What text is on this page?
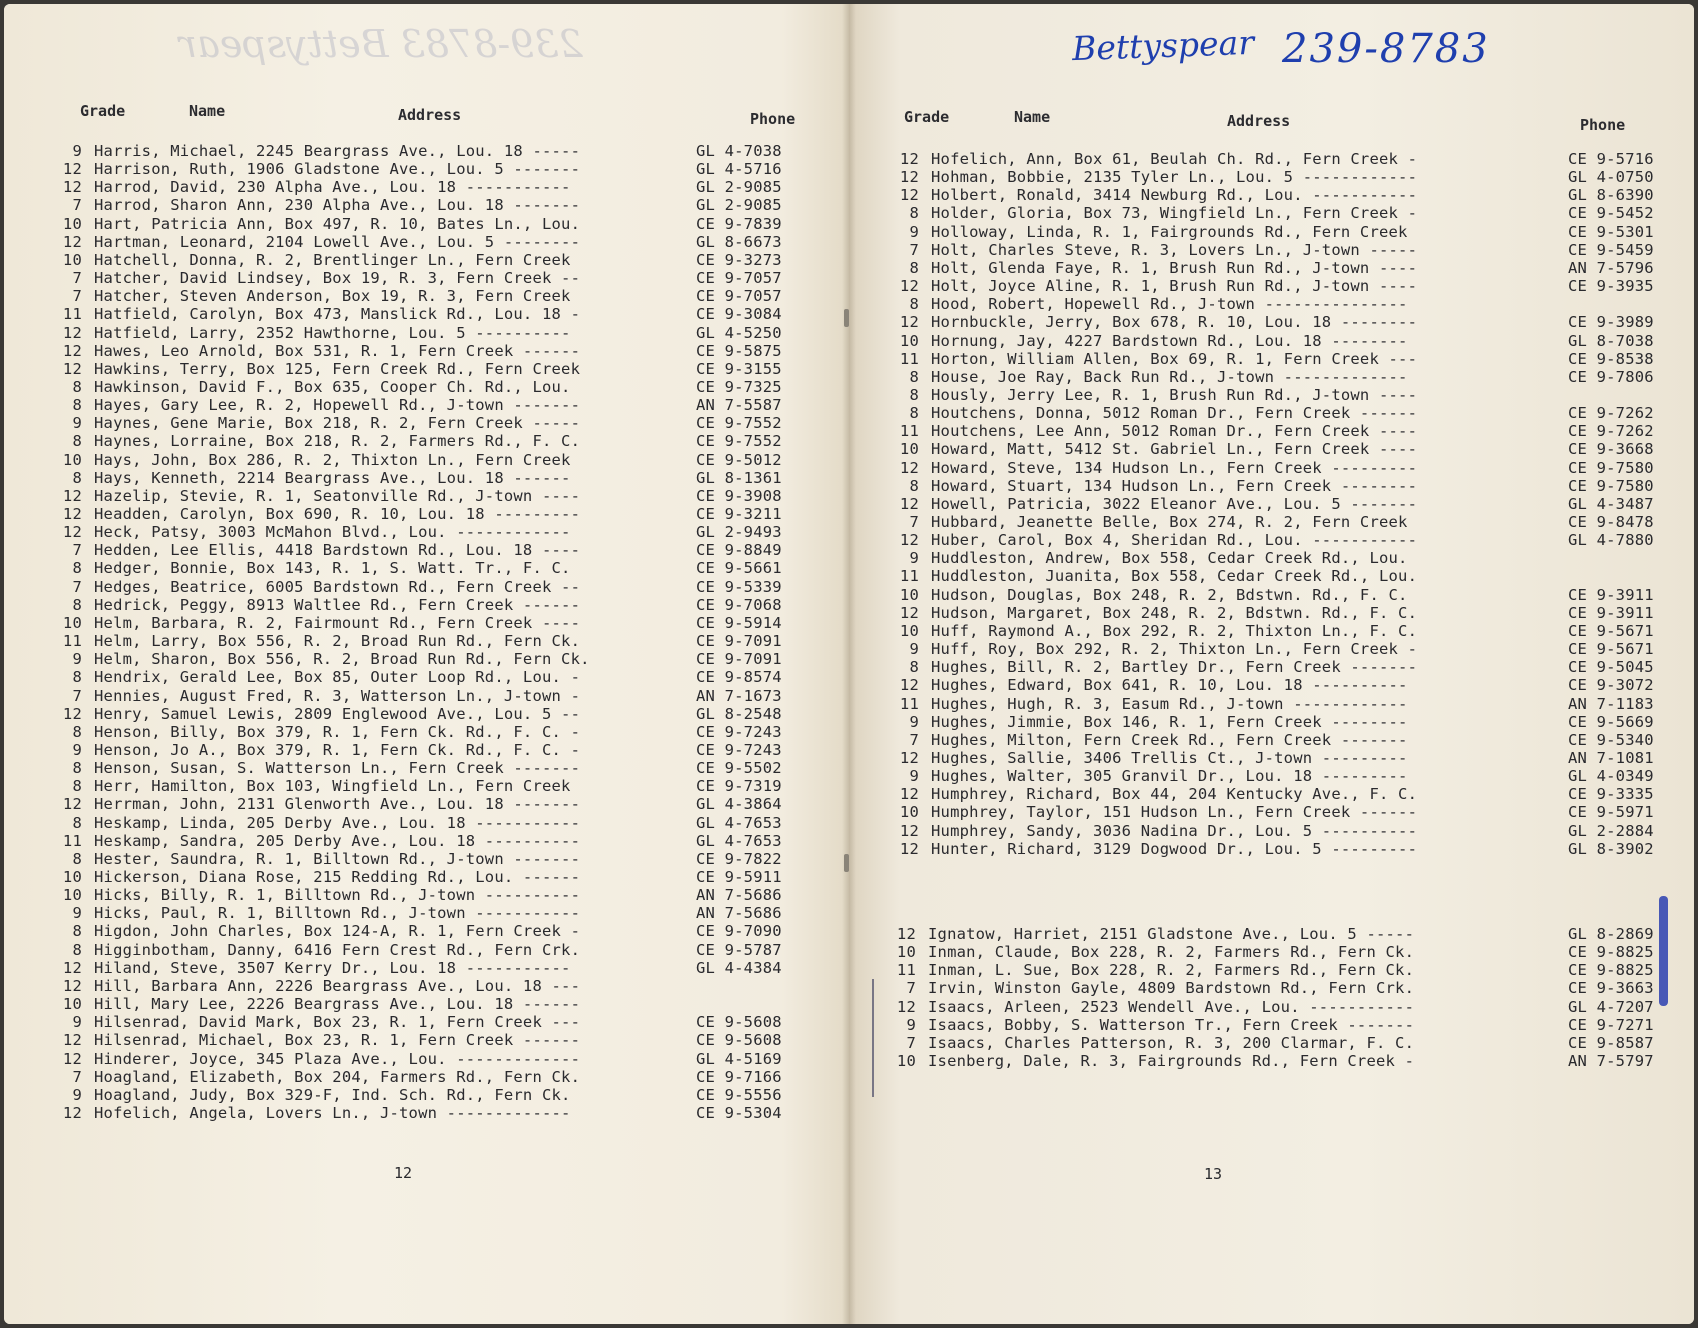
239-8783 Bettyspear
Grade	Name	Address	Phone
9 Harris, Michael, 2245 Beargrass Ave., Lou. 18 -----	GL 4-7038
12 Harrison, Ruth, 1906 Gladstone Ave., Lou. 5 -------	GL 4-5716
12 Harrod, David, 230 Alpha Ave., Lou. 18 -----------	GL 2-9085
7 Harrod, Sharon Ann, 230 Alpha Ave., Lou. 18 -------	GL 2-9085
10 Hart, Patricia Ann, Box 497, R. 10, Bates Ln., Lou.	CE 9-7839
12 Hartman, Leonard, 2104 Lowell Ave., Lou. 5 --------	GL 8-6673
10 Hatchell, Donna, R. 2, Brentlinger Ln., Fern Creek	CE 9-3273
7 Hatcher, David Lindsey, Box 19, R. 3, Fern Creek --	CE 9-7057
7 Hatcher, Steven Anderson, Box 19, R. 3, Fern Creek	CE 9-7057
11 Hatfield, Carolyn, Box 473, Manslick Rd., Lou. 18 -	CE 9-3084
12 Hatfield, Larry, 2352 Hawthorne, Lou. 5 ----------	GL 4-5250
12 Hawes, Leo Arnold, Box 531, R. 1, Fern Creek ------	CE 9-5875
12 Hawkins, Terry, Box 125, Fern Creek Rd., Fern Creek	CE 9-3155
8 Hawkinson, David F., Box 635, Cooper Ch. Rd., Lou.	CE 9-7325
8 Hayes, Gary Lee, R. 2, Hopewell Rd., J-town -------	AN 7-5587
9 Haynes, Gene Marie, Box 218, R. 2, Fern Creek -----	CE 9-7552
8 Haynes, Lorraine, Box 218, R. 2, Farmers Rd., F. C.	CE 9-7552
10 Hays, John, Box 286, R. 2, Thixton Ln., Fern Creek	CE 9-5012
8 Hays, Kenneth, 2214 Beargrass Ave., Lou. 18 ------	GL 8-1361
12 Hazelip, Stevie, R. 1, Seatonville Rd., J-town ----	CE 9-3908
12 Headden, Carolyn, Box 690, R. 10, Lou. 18 ---------	CE 9-3211
12 Heck, Patsy, 3003 McMahon Blvd., Lou. ------------	GL 2-9493
7 Hedden, Lee Ellis, 4418 Bardstown Rd., Lou. 18 ----	CE 9-8849
8 Hedger, Bonnie, Box 143, R. 1, S. Watt. Tr., F. C.	CE 9-5661
7 Hedges, Beatrice, 6005 Bardstown Rd., Fern Creek --	CE 9-5339
8 Hedrick, Peggy, 8913 Waltlee Rd., Fern Creek ------	CE 9-7068
10 Helm, Barbara, R. 2, Fairmount Rd., Fern Creek ----	CE 9-5914
11 Helm, Larry, Box 556, R. 2, Broad Run Rd., Fern Ck.	CE 9-7091
9 Helm, Sharon, Box 556, R. 2, Broad Run Rd., Fern Ck.	CE 9-7091
8 Hendrix, Gerald Lee, Box 85, Outer Loop Rd., Lou. -	CE 9-8574
7 Hennies, August Fred, R. 3, Watterson Ln., J-town -	AN 7-1673
12 Henry, Samuel Lewis, 2809 Englewood Ave., Lou. 5 --	GL 8-2548
8 Henson, Billy, Box 379, R. 1, Fern Ck. Rd., F. C. -	CE 9-7243
9 Henson, Jo A., Box 379, R. 1, Fern Ck. Rd., F. C. -	CE 9-7243
8 Henson, Susan, S. Watterson Ln., Fern Creek -------	CE 9-5502
8 Herr, Hamilton, Box 103, Wingfield Ln., Fern Creek	CE 9-7319
12 Herrman, John, 2131 Glenworth Ave., Lou. 18 -------	GL 4-3864
8 Heskamp, Linda, 205 Derby Ave., Lou. 18 -----------	GL 4-7653
11 Heskamp, Sandra, 205 Derby Ave., Lou. 18 ----------	GL 4-7653
8 Hester, Saundra, R. 1, Billtown Rd., J-town -------	CE 9-7822
10 Hickerson, Diana Rose, 215 Redding Rd., Lou. ------	CE 9-5911
10 Hicks, Billy, R. 1, Billtown Rd., J-town ----------	AN 7-5686
9 Hicks, Paul, R. 1, Billtown Rd., J-town -----------	AN 7-5686
8 Higdon, John Charles, Box 124-A, R. 1, Fern Creek -	CE 9-7090
8 Higginbotham, Danny, 6416 Fern Crest Rd., Fern Crk.	CE 9-5787
12 Hiland, Steve, 3507 Kerry Dr., Lou. 18 -----------	GL 4-4384
12 Hill, Barbara Ann, 2226 Beargrass Ave., Lou. 18 ---
10 Hill, Mary Lee, 2226 Beargrass Ave., Lou. 18 ------
9 Hilsenrad, David Mark, Box 23, R. 1, Fern Creek ---	CE 9-5608
12 Hilsenrad, Michael, Box 23, R. 1, Fern Creek ------	CE 9-5608
12 Hinderer, Joyce, 345 Plaza Ave., Lou. -------------	GL 4-5169
7 Hoagland, Elizabeth, Box 204, Farmers Rd., Fern Ck.	CE 9-7166
9 Hoagland, Judy, Box 329-F, Ind. Sch. Rd., Fern Ck.	CE 9-5556
12 Hofelich, Angela, Lovers Ln., J-town -------------	CE 9-5304
12
Bettyspear 239-8783
Grade	Name	Address	Phone
12 Hofelich, Ann, Box 61, Beulah Ch. Rd., Fern Creek -	CE 9-5716
12 Hohman, Bobbie, 2135 Tyler Ln., Lou. 5 ------------	GL 4-0750
12 Holbert, Ronald, 3414 Newburg Rd., Lou. -----------	GL 8-6390
8 Holder, Gloria, Box 73, Wingfield Ln., Fern Creek -	CE 9-5452
9 Holloway, Linda, R. 1, Fairgrounds Rd., Fern Creek	CE 9-5301
7 Holt, Charles Steve, R. 3, Lovers Ln., J-town -----	CE 9-5459
8 Holt, Glenda Faye, R. 1, Brush Run Rd., J-town ----	AN 7-5796
12 Holt, Joyce Aline, R. 1, Brush Run Rd., J-town ----	CE 9-3935
8 Hood, Robert, Hopewell Rd., J-town ---------------
12 Hornbuckle, Jerry, Box 678, R. 10, Lou. 18 --------	CE 9-3989
10 Hornung, Jay, 4227 Bardstown Rd., Lou. 18 --------	GL 8-7038
11 Horton, William Allen, Box 69, R. 1, Fern Creek ---	CE 9-8538
8 House, Joe Ray, Back Run Rd., J-town -------------	CE 9-7806
8 Hously, Jerry Lee, R. 1, Brush Run Rd., J-town ----
8 Houtchens, Donna, 5012 Roman Dr., Fern Creek ------	CE 9-7262
11 Houtchens, Lee Ann, 5012 Roman Dr., Fern Creek ----	CE 9-7262
10 Howard, Matt, 5412 St. Gabriel Ln., Fern Creek ----	CE 9-3668
12 Howard, Steve, 134 Hudson Ln., Fern Creek ---------	CE 9-7580
8 Howard, Stuart, 134 Hudson Ln., Fern Creek --------	CE 9-7580
12 Howell, Patricia, 3022 Eleanor Ave., Lou. 5 -------	GL 4-3487
7 Hubbard, Jeanette Belle, Box 274, R. 2, Fern Creek	CE 9-8478
12 Huber, Carol, Box 4, Sheridan Rd., Lou. -----------	GL 4-7880
9 Huddleston, Andrew, Box 558, Cedar Creek Rd., Lou.
11 Huddleston, Juanita, Box 558, Cedar Creek Rd., Lou.
10 Hudson, Douglas, Box 248, R. 2, Bdstwn. Rd., F. C.	CE 9-3911
12 Hudson, Margaret, Box 248, R. 2, Bdstwn. Rd., F. C.	CE 9-3911
10 Huff, Raymond A., Box 292, R. 2, Thixton Ln., F. C.	CE 9-5671
9 Huff, Roy, Box 292, R. 2, Thixton Ln., Fern Creek -	CE 9-5671
8 Hughes, Bill, R. 2, Bartley Dr., Fern Creek -------	CE 9-5045
12 Hughes, Edward, Box 641, R. 10, Lou. 18 ----------	CE 9-3072
11 Hughes, Hugh, R. 3, Easum Rd., J-town ------------	AN 7-1183
9 Hughes, Jimmie, Box 146, R. 1, Fern Creek --------	CE 9-5669
7 Hughes, Milton, Fern Creek Rd., Fern Creek -------	CE 9-5340
12 Hughes, Sallie, 3406 Trellis Ct., J-town ---------	AN 7-1081
9 Hughes, Walter, 305 Granvil Dr., Lou. 18 ---------	GL 4-0349
12 Humphrey, Richard, Box 44, 204 Kentucky Ave., F. C.	CE 9-3335
10 Humphrey, Taylor, 151 Hudson Ln., Fern Creek ------	CE 9-5971
12 Humphrey, Sandy, 3036 Nadina Dr., Lou. 5 ----------	GL 2-2884
12 Hunter, Richard, 3129 Dogwood Dr., Lou. 5 ---------	GL 8-3902
12 Ignatow, Harriet, 2151 Gladstone Ave., Lou. 5 -----	GL 8-2869
10 Inman, Claude, Box 228, R. 2, Farmers Rd., Fern Ck.	CE 9-8825
11 Inman, L. Sue, Box 228, R. 2, Farmers Rd., Fern Ck.	CE 9-8825
7 Irvin, Winston Gayle, 4809 Bardstown Rd., Fern Crk.	CE 9-3663
12 Isaacs, Arleen, 2523 Wendell Ave., Lou. -----------	GL 4-7207
9 Isaacs, Bobby, S. Watterson Tr., Fern Creek -------	CE 9-7271
7 Isaacs, Charles Patterson, R. 3, 200 Clarmar, F. C.	CE 9-8587
10 Isenberg, Dale, R. 3, Fairgrounds Rd., Fern Creek -	AN 7-5797
13
